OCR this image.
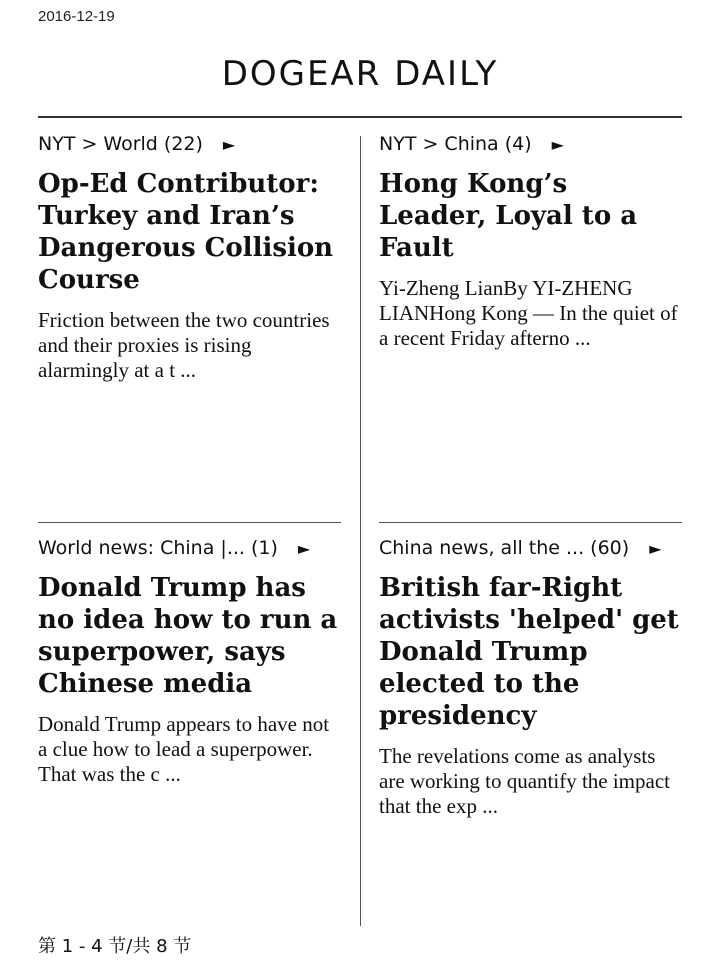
2016-12-19
DOGEAR DAILY
NYT > World (22) ►
Op-Ed Contributor: Turkey and Iran’s Dangerous Collision Course
Friction between the two countries and their proxies is rising alarmingly at a t ...
NYT > China (4) ►
Hong Kong’s Leader, Loyal to a Fault
Yi-Zheng LianBy YI-ZHENG LIANHong Kong — In the quiet of a recent Friday afterno ...
World news: China |... (1) ►
Donald Trump has no idea how to run a superpower, says Chinese media
Donald Trump appears to have not a clue how to lead a superpower.
That was the c ...
China news, all the ... (60) ►
British far-Right activists 'helped' get Donald Trump elected to the presidency
The revelations come as analysts are working to quantify the impact that the exp ...
第 1 - 4 节/共 8 节
